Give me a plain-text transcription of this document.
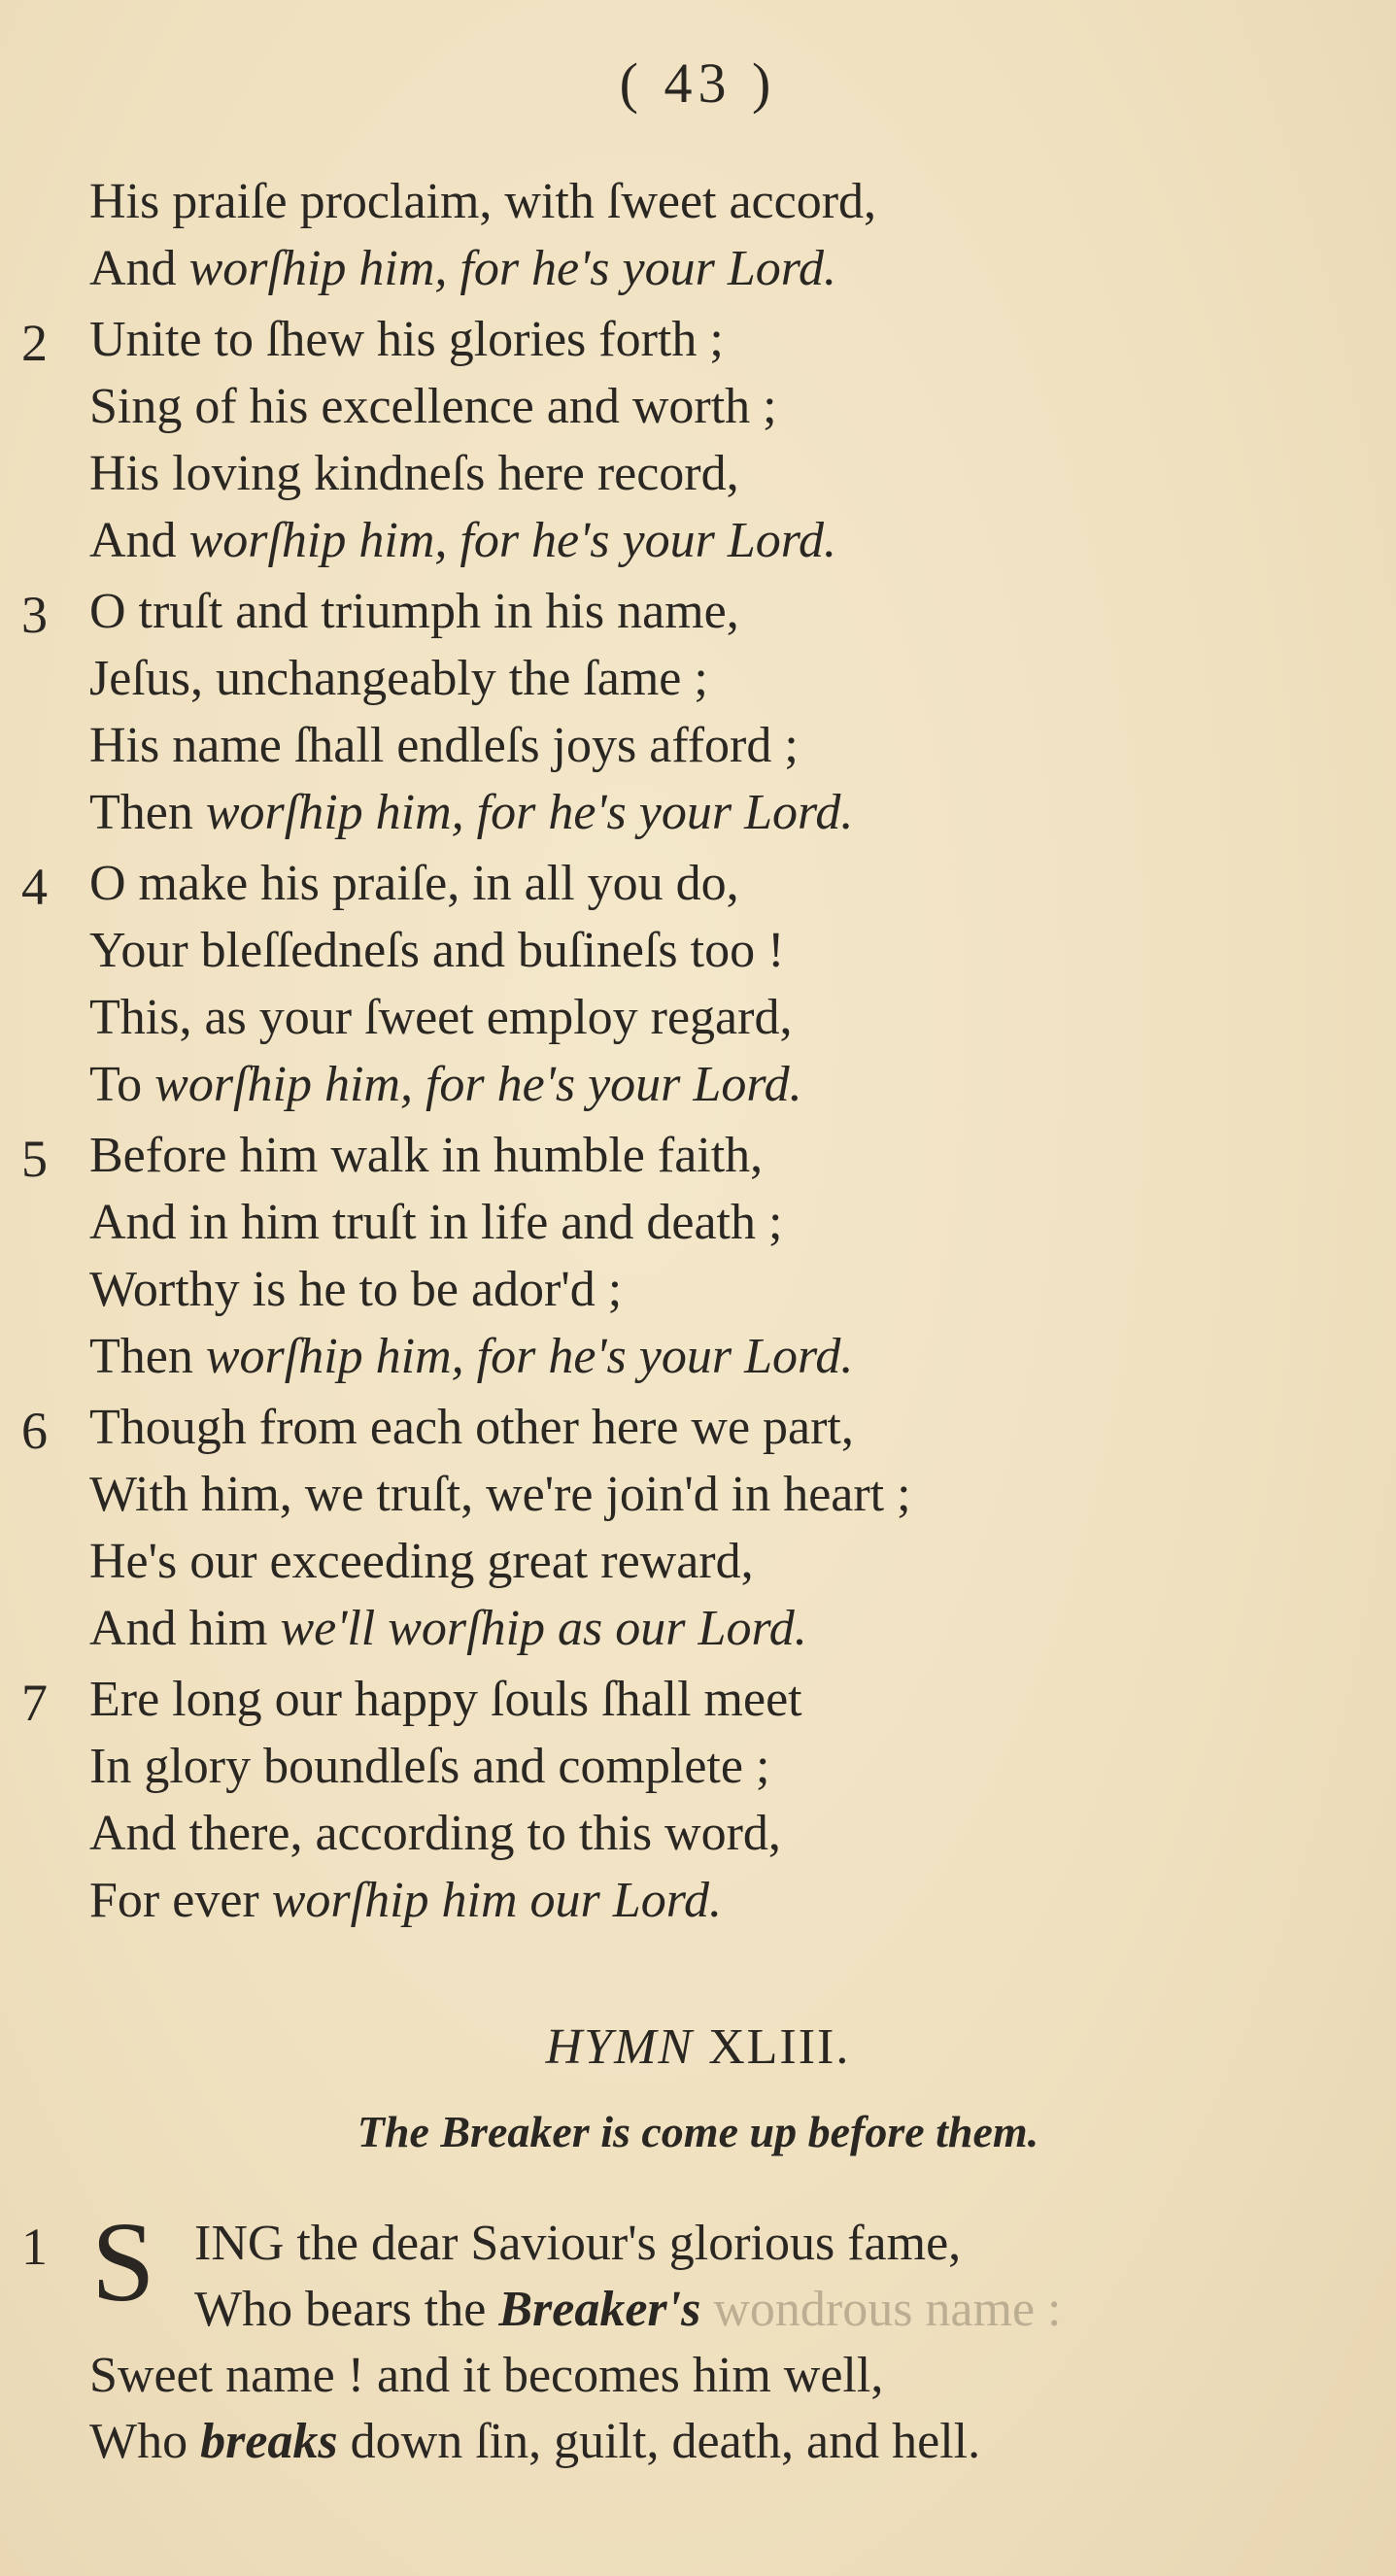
( 43 )
HYMN XLIII.
The Breaker is come up before them.
1 S ING the dear Saviour's glorious fame,
Who bears the Breaker's wondrous name :
Sweet name ! and it becomes him well,
Who breaks down ſin, guilt, death, and hell.
His praiſe proclaim, with ſweet accord,
And worſhip him, for he's your Lord.
2 Unite to ſhew his glories forth ;
Sing of his excellence and worth ;
His loving kindneſs here record,
And worſhip him, for he's your Lord.
3 O truſt and triumph in his name,
Jeſus, unchangeably the ſame ;
His name ſhall endleſs joys afford ;
Then worſhip him, for he's your Lord.
4 O make his praiſe, in all you do,
Your bleſſedneſs and buſineſs too !
This, as your ſweet employ regard,
To worſhip him, for he's your Lord.
5 Before him walk in humble faith,
And in him truſt in life and death ;
Worthy is he to be ador'd ;
Then worſhip him, for he's your Lord.
6 Though from each other here we part,
With him, we truſt, we're join'd in heart ;
He's our exceeding great reward,
And him we'll worſhip as our Lord.
7 Ere long our happy ſouls ſhall meet
In glory boundleſs and complete ;
And there, according to this word,
For ever worſhip him our Lord.
